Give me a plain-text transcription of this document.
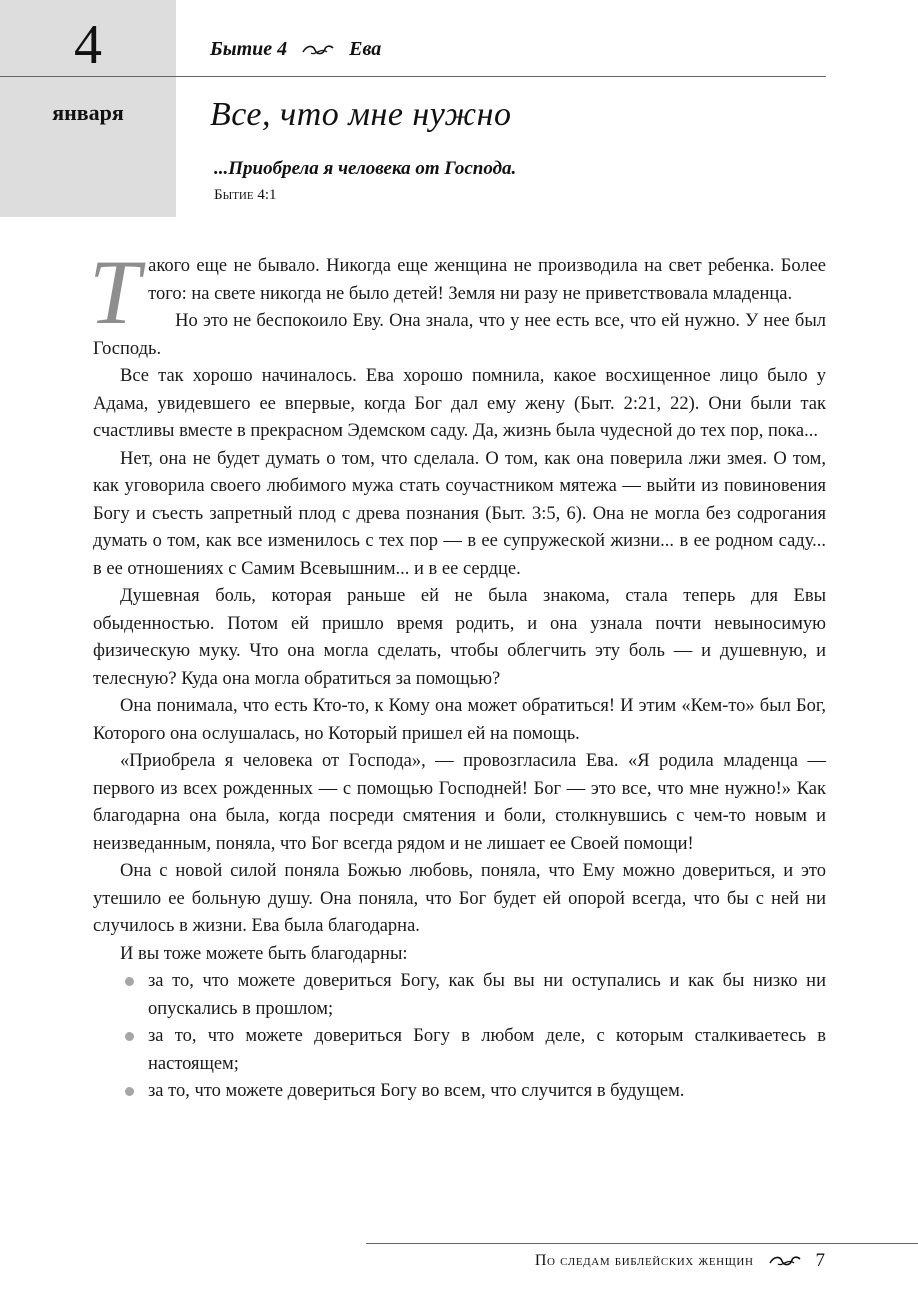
4
января
Бытие 4	Ева
Все, что мне нужно
...Приобрела я человека от Господа.
Бытие 4:1

Такого еще не бывало. Никогда еще женщина не производила на свет ребенка. Более того: на свете никогда не было детей! Земля ни разу не приветствовала младенца.

Но это не беспокоило Еву. Она знала, что у нее есть все, что ей нужно. У нее был Господь.

Все так хорошо начиналось. Ева хорошо помнила, какое восхищенное лицо было у Адама, увидевшего ее впервые, когда Бог дал ему жену (Быт. 2:21, 22). Они были так счастливы вместе в прекрасном Эдемском саду. Да, жизнь была чудесной до тех пор, пока...

Нет, она не будет думать о том, что сделала. О том, как она поверила лжи змея. О том, как уговорила своего любимого мужа стать соучастником мятежа — выйти из повиновения Богу и съесть запретный плод с древа познания (Быт. 3:5, 6). Она не могла без содрогания думать о том, как все изменилось с тех пор — в ее супружеской жизни... в ее родном саду... в ее отношениях с Самим Всевышним... и в ее сердце.

Душевная боль, которая раньше ей не была знакома, стала теперь для Евы обыденностью. Потом ей пришло время родить, и она узнала почти невыносимую физическую муку. Что она могла сделать, чтобы облегчить эту боль — и душевную, и телесную? Куда она могла обратиться за помощью?

Она понимала, что есть Кто-то, к Кому она может обратиться! И этим «Кем-то» был Бог, Которого она ослушалась, но Который пришел ей на помощь.

«Приобрела я человека от Господа», — провозгласила Ева. «Я родила младенца — первого из всех рожденных — с помощью Господней! Бог — это все, что мне нужно!» Как благодарна она была, когда посреди смятения и боли, столкнувшись с чем-то новым и неизведанным, поняла, что Бог всегда рядом и не лишает ее Своей помощи!

Она с новой силой поняла Божью любовь, поняла, что Ему можно довериться, и это утешило ее больную душу. Она поняла, что Бог будет ей опорой всегда, что бы с ней ни случилось в жизни. Ева была благодарна.

И вы тоже можете быть благодарны:

за то, что можете довериться Богу, как бы вы ни оступались и как бы низко ни опускались в прошлом;
за то, что можете довериться Богу в любом деле, с которым сталкиваетесь в настоящем;
за то, что можете довериться Богу во всем, что случится в будущем.
По следам библейских женщин	7
